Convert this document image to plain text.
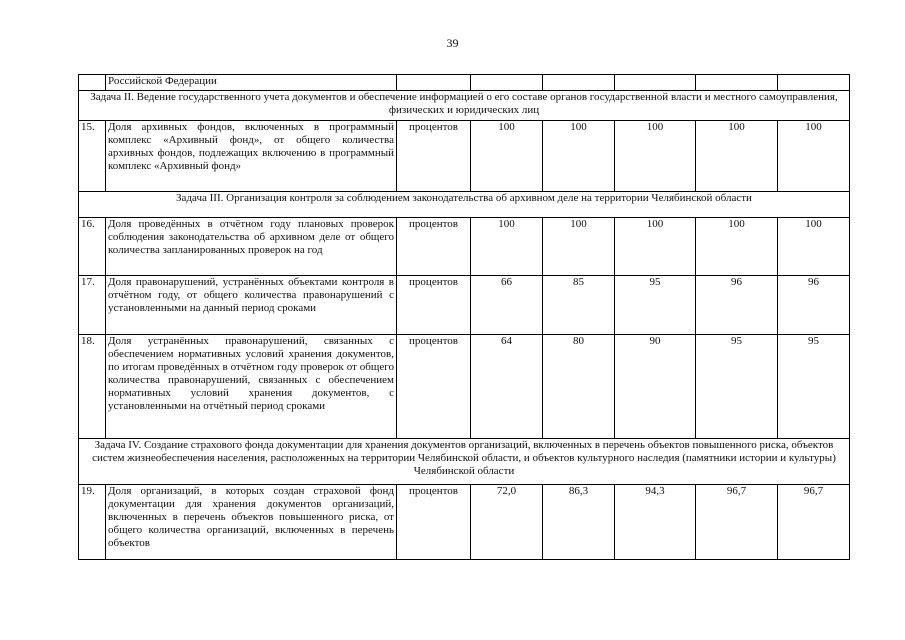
39
	Российской Федерации						
Задача II. Ведение государственного учета документов и обеспечение информацией о его составе органов государственной власти и местного самоуправления, физических и юридических лиц							
15.	Доля архивных фондов, включенных в программный комплекс «Архивный фонд», от общего количества архивных фондов, подлежащих включению в программный комплекс «Архивный фонд»	процентов	100	100	100	100	100
Задача III. Организация контроля за соблюдением законодательства об архивном деле на территории Челябинской области							
16.	Доля проведённых в отчётном году плановых проверок соблюдения законодательства об архивном деле от общего количества запланированных проверок на год	процентов	100	100	100	100	100
17.	Доля правонарушений, устранённых объектами контроля в отчётном году, от общего количества правонарушений с установленными на данный период сроками	процентов	66	85	95	96	96
18.	Доля устранённых правонарушений, связанных с обеспечением нормативных условий хранения документов, по итогам проведённых в отчётном году проверок от общего количества правонарушений, связанных с обеспечением нормативных условий хранения документов, с установленными на отчётный период сроками	процентов	64	80	90	95	95
Задача IV. Создание страхового фонда документации для хранения документов организаций, включенных в перечень объектов повышенного риска, объектов систем жизнеобеспечения населения, расположенных на территории Челябинской области, и объектов культурного наследия (памятники истории и культуры) Челябинской области							
19.	Доля организаций, в которых создан страховой фонд документации для хранения документов организаций, включенных в перечень объектов повышенного риска, от общего количества организаций, включенных в перечень объектов	процентов	72,0	86,3	94,3	96,7	96,7
